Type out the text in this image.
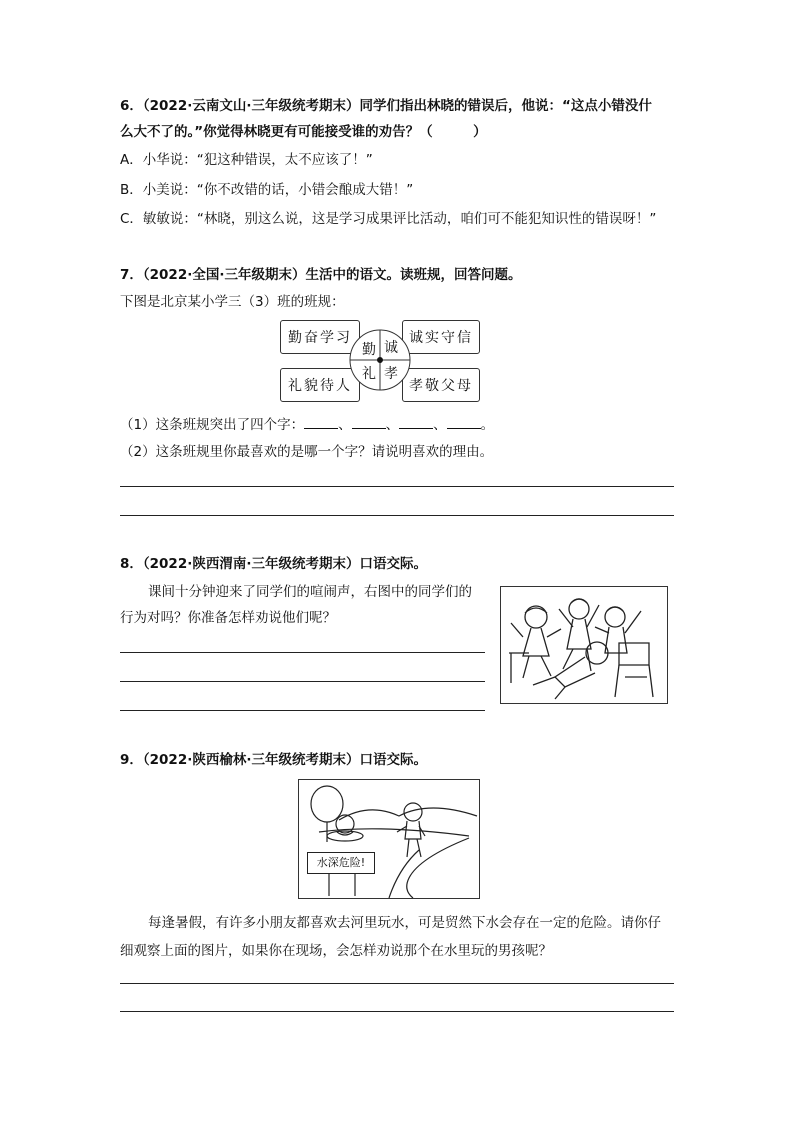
6．（2022·云南文山·三年级统考期末）同学们指出林晓的错误后，他说：“这点小错没什
么大不了的。”你觉得林晓更有可能接受谁的劝告？（　　　）
A．小华说：“犯这种错误，太不应该了！”
B．小美说：“你不改错的话，小错会酿成大错！”
C．敏敏说：“林晓，别这么说，这是学习成果评比活动，咱们可不能犯知识性的错误呀！”
7．（2022·全国·三年级期末）生活中的语文。读班规，回答问题。
下图是北京某小学三（3）班的班规：
勤奋学习	诚实守信
礼貌待人	孝敬父母
勤 诚
礼 孝
（1）这条班规突出了四个字：	、	、	、	。
（2）这条班规里你最喜欢的是哪一个字？请说明喜欢的理由。
8．（2022·陕西渭南·三年级统考期末）口语交际。
课间十分钟迎来了同学们的喧闹声，右图中的同学们的
行为对吗？你准备怎样劝说他们呢？
9．（2022·陕西榆林·三年级统考期末）口语交际。
水深危险!
每逢暑假，有许多小朋友都喜欢去河里玩水，可是贸然下水会存在一定的危险。请你仔
细观察上面的图片，如果你在现场，会怎样劝说那个在水里玩的男孩呢？
